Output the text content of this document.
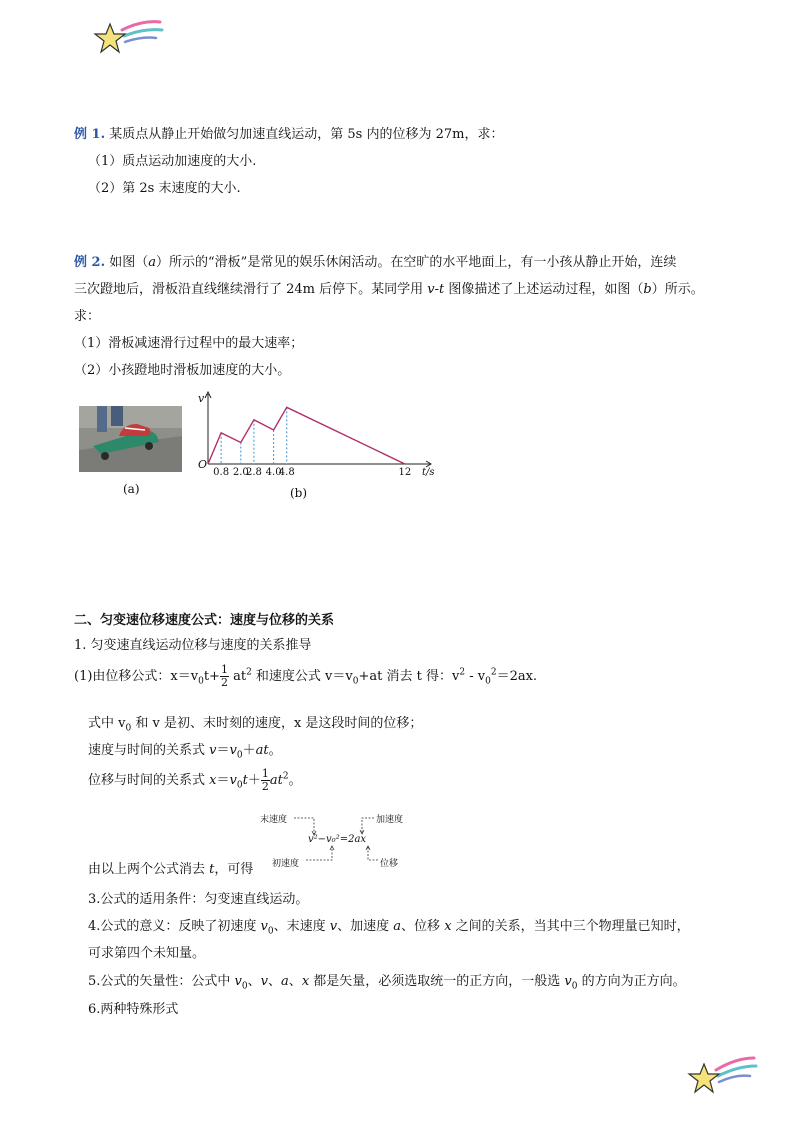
例 1. 某质点从静止开始做匀加速直线运动，第 5s 内的位移为 27m，求：
（1）质点运动加速度的大小.
（2）第 2s 末速度的大小.
例 2. 如图（a）所示的“滑板”是常见的娱乐休闲活动。在空旷的水平地面上，有一小孩从静止开始，连续
三次蹬地后，滑板沿直线继续滑行了 24m 后停下。某同学用 v-t 图像描述了上述运动过程，如图（b）所示。
求：
（1）滑板减速滑行过程中的最大速率；
（2）小孩蹬地时滑板加速度的大小。
(a)
0.8 2.0
2.8 4.0
4.8	12
O
v
t/s
(b)
二、匀变速位移速度公式：速度与位移的关系
1. 匀变速直线运动位移与速度的关系推导
(1)由位移公式：$x=v_0t+ \frac{1}{2} at^2$ 和速度公式 $v=v_0+at$ 消去 t 得：$v^2 - v_0^2=2ax$.
式中 $v_0$ 和 v 是初、末时刻的速度，x 是这段时间的位移；
速度与时间的关系式 $v=v_0+at$。
位移与时间的关系式 $x=v_0t+ \frac{1}{2} at^2$。
末速度	加速度
v²−v₀²=2ax
初速度	位移
由以上两个公式消去 t，可得
3.公式的适用条件：匀变速直线运动。
4.公式的意义：反映了初速度 $v_0$、末速度 v、加速度 a、位移 x 之间的关系，当其中三个物理量已知时，
可求第四个未知量。
5.公式的矢量性：公式中 $v_0$、v、a、x 都是矢量，必须选取统一的正方向，一般选 $v_0$ 的方向为正方向。
6.两种特殊形式
